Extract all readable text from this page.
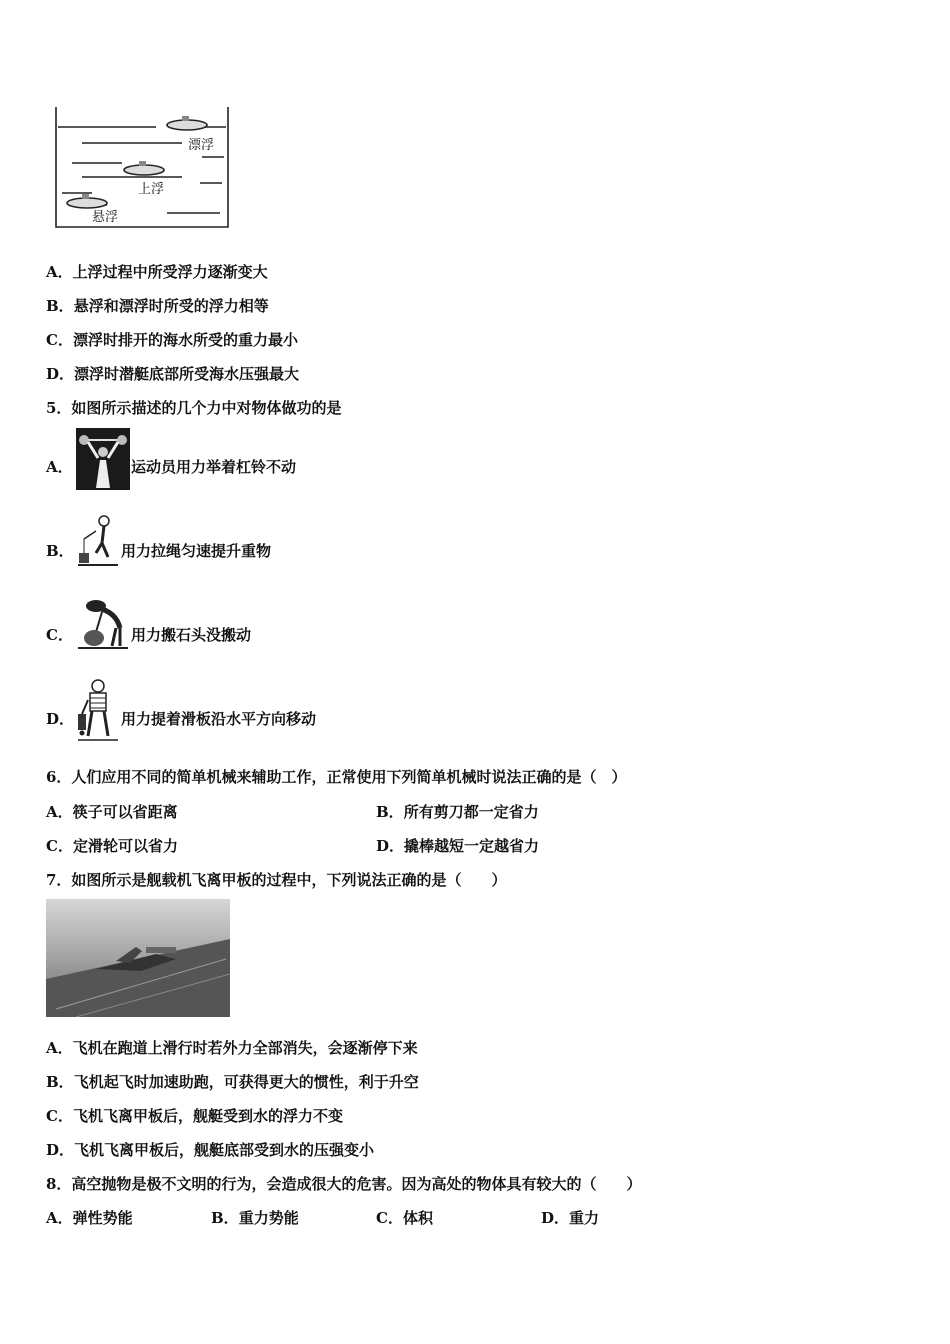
漂浮
上浮
悬浮
A．上浮过程中所受浮力逐渐变大
B．悬浮和漂浮时所受的浮力相等
C．漂浮时排开的海水所受的重力最小
D．漂浮时潜艇底部所受海水压强最大
5．如图所示描述的几个力中对物体做功的是
A．	运动员用力举着杠铃不动
B．	用力拉绳匀速提升重物
C．	用力搬石头没搬动
D．	用力提着滑板沿水平方向移动
6．人们应用不同的简单机械来辅助工作，正常使用下列简单机械时说法正确的是（　）
A．筷子可以省距离	B．所有剪刀都一定省力
C．定滑轮可以省力	D．撬棒越短一定越省力
7．如图所示是舰载机飞离甲板的过程中，下列说法正确的是（　　）
A．飞机在跑道上滑行时若外力全部消失，会逐渐停下来
B．飞机起飞时加速助跑，可获得更大的惯性，利于升空
C．飞机飞离甲板后，舰艇受到水的浮力不变
D．飞机飞离甲板后，舰艇底部受到水的压强变小
8．高空抛物是极不文明的行为，会造成很大的危害。因为高处的物体具有较大的（　　）
A．弹性势能	B．重力势能	C．体积	D．重力
